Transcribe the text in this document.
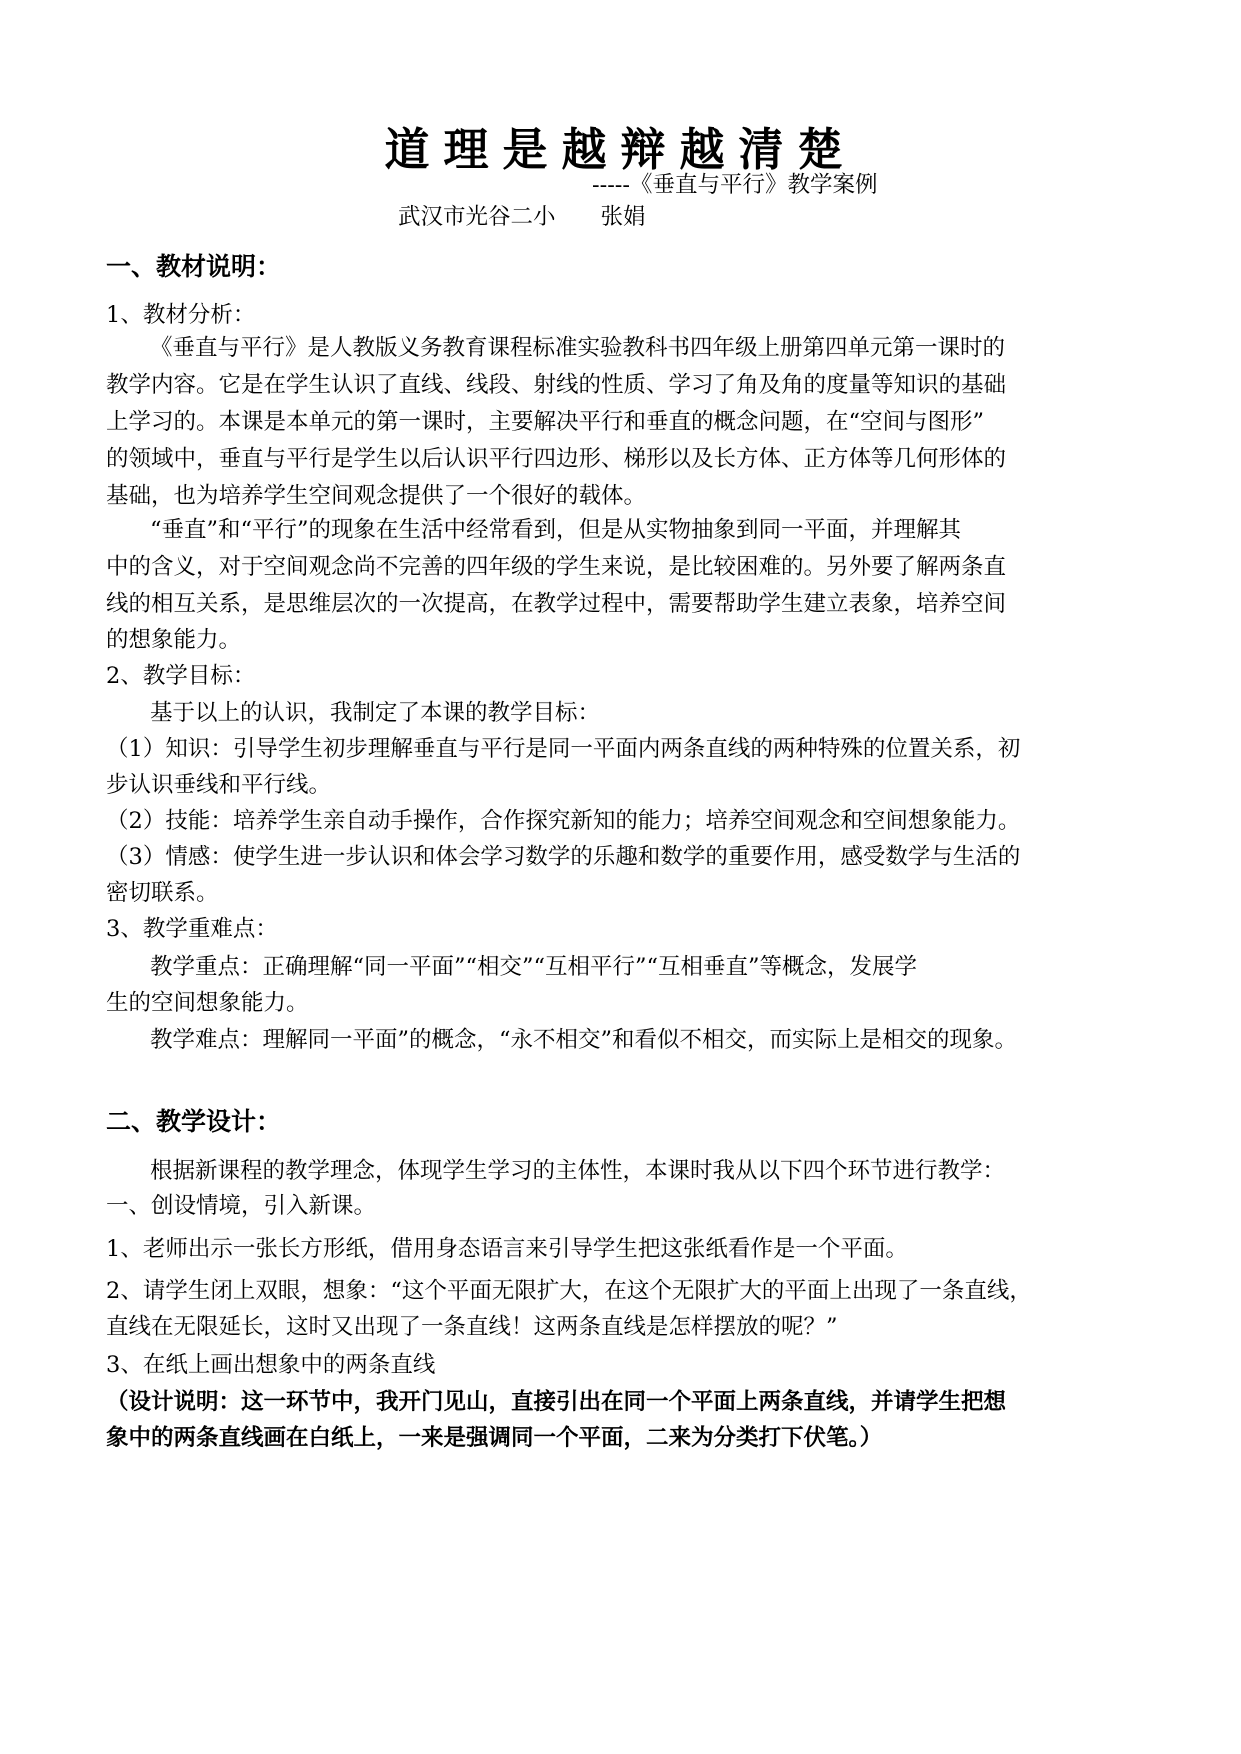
道理是越辩越清楚
-----《垂直与平行》教学案例
武汉市光谷二小　　张娟
一、教材说明：
1、教材分析：
《垂直与平行》是人教版义务教育课程标准实验教科书四年级上册第四单元第一课时的
教学内容。它是在学生认识了直线、线段、射线的性质、学习了角及角的度量等知识的基础
上学习的。本课是本单元的第一课时，主要解决平行和垂直的概念问题，在“空间与图形”
的领域中，垂直与平行是学生以后认识平行四边形、梯形以及长方体、正方体等几何形体的
基础，也为培养学生空间观念提供了一个很好的载体。
“垂直”和“平行”的现象在生活中经常看到，但是从实物抽象到同一平面，并理解其
中的含义，对于空间观念尚不完善的四年级的学生来说，是比较困难的。另外要了解两条直
线的相互关系，是思维层次的一次提高，在教学过程中，需要帮助学生建立表象，培养空间
的想象能力。
2、教学目标：
基于以上的认识，我制定了本课的教学目标：
（1）知识：引导学生初步理解垂直与平行是同一平面内两条直线的两种特殊的位置关系，初
步认识垂线和平行线。
（2）技能：培养学生亲自动手操作，合作探究新知的能力；培养空间观念和空间想象能力。
（3）情感：使学生进一步认识和体会学习数学的乐趣和数学的重要作用，感受数学与生活的
密切联系。
3、教学重难点：
教学重点：正确理解“同一平面”“相交”“互相平行”“互相垂直”等概念，发展学
生的空间想象能力。
教学难点：理解同一平面”的概念，“永不相交”和看似不相交，而实际上是相交的现象。
二、教学设计：
根据新课程的教学理念，体现学生学习的主体性，本课时我从以下四个环节进行教学：
一、创设情境，引入新课。
1、老师出示一张长方形纸，借用身态语言来引导学生把这张纸看作是一个平面。
2、请学生闭上双眼，想象：“这个平面无限扩大，在这个无限扩大的平面上出现了一条直线，
直线在无限延长，这时又出现了一条直线！这两条直线是怎样摆放的呢？”
3、在纸上画出想象中的两条直线
（设计说明：这一环节中，我开门见山，直接引出在同一个平面上两条直线，并请学生把想
象中的两条直线画在白纸上，一来是强调同一个平面，二来为分类打下伏笔。）
